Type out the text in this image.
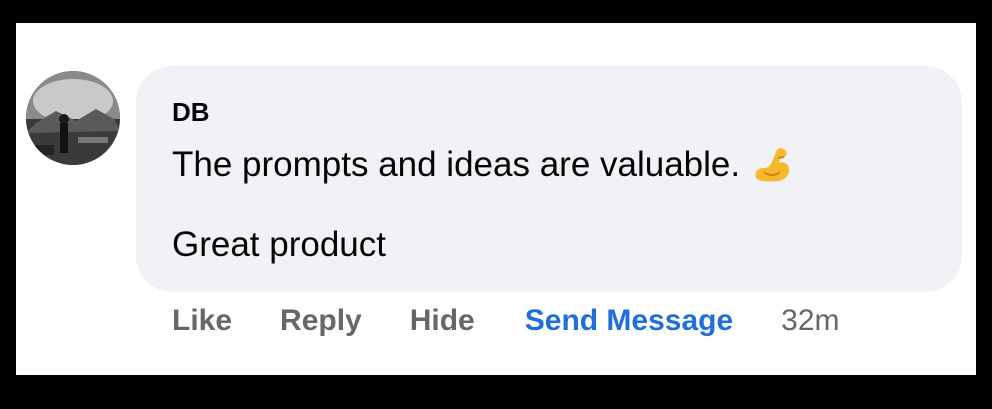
DB
The prompts and ideas are valuable.
Great product
Like Reply Hide Send Message 32m
